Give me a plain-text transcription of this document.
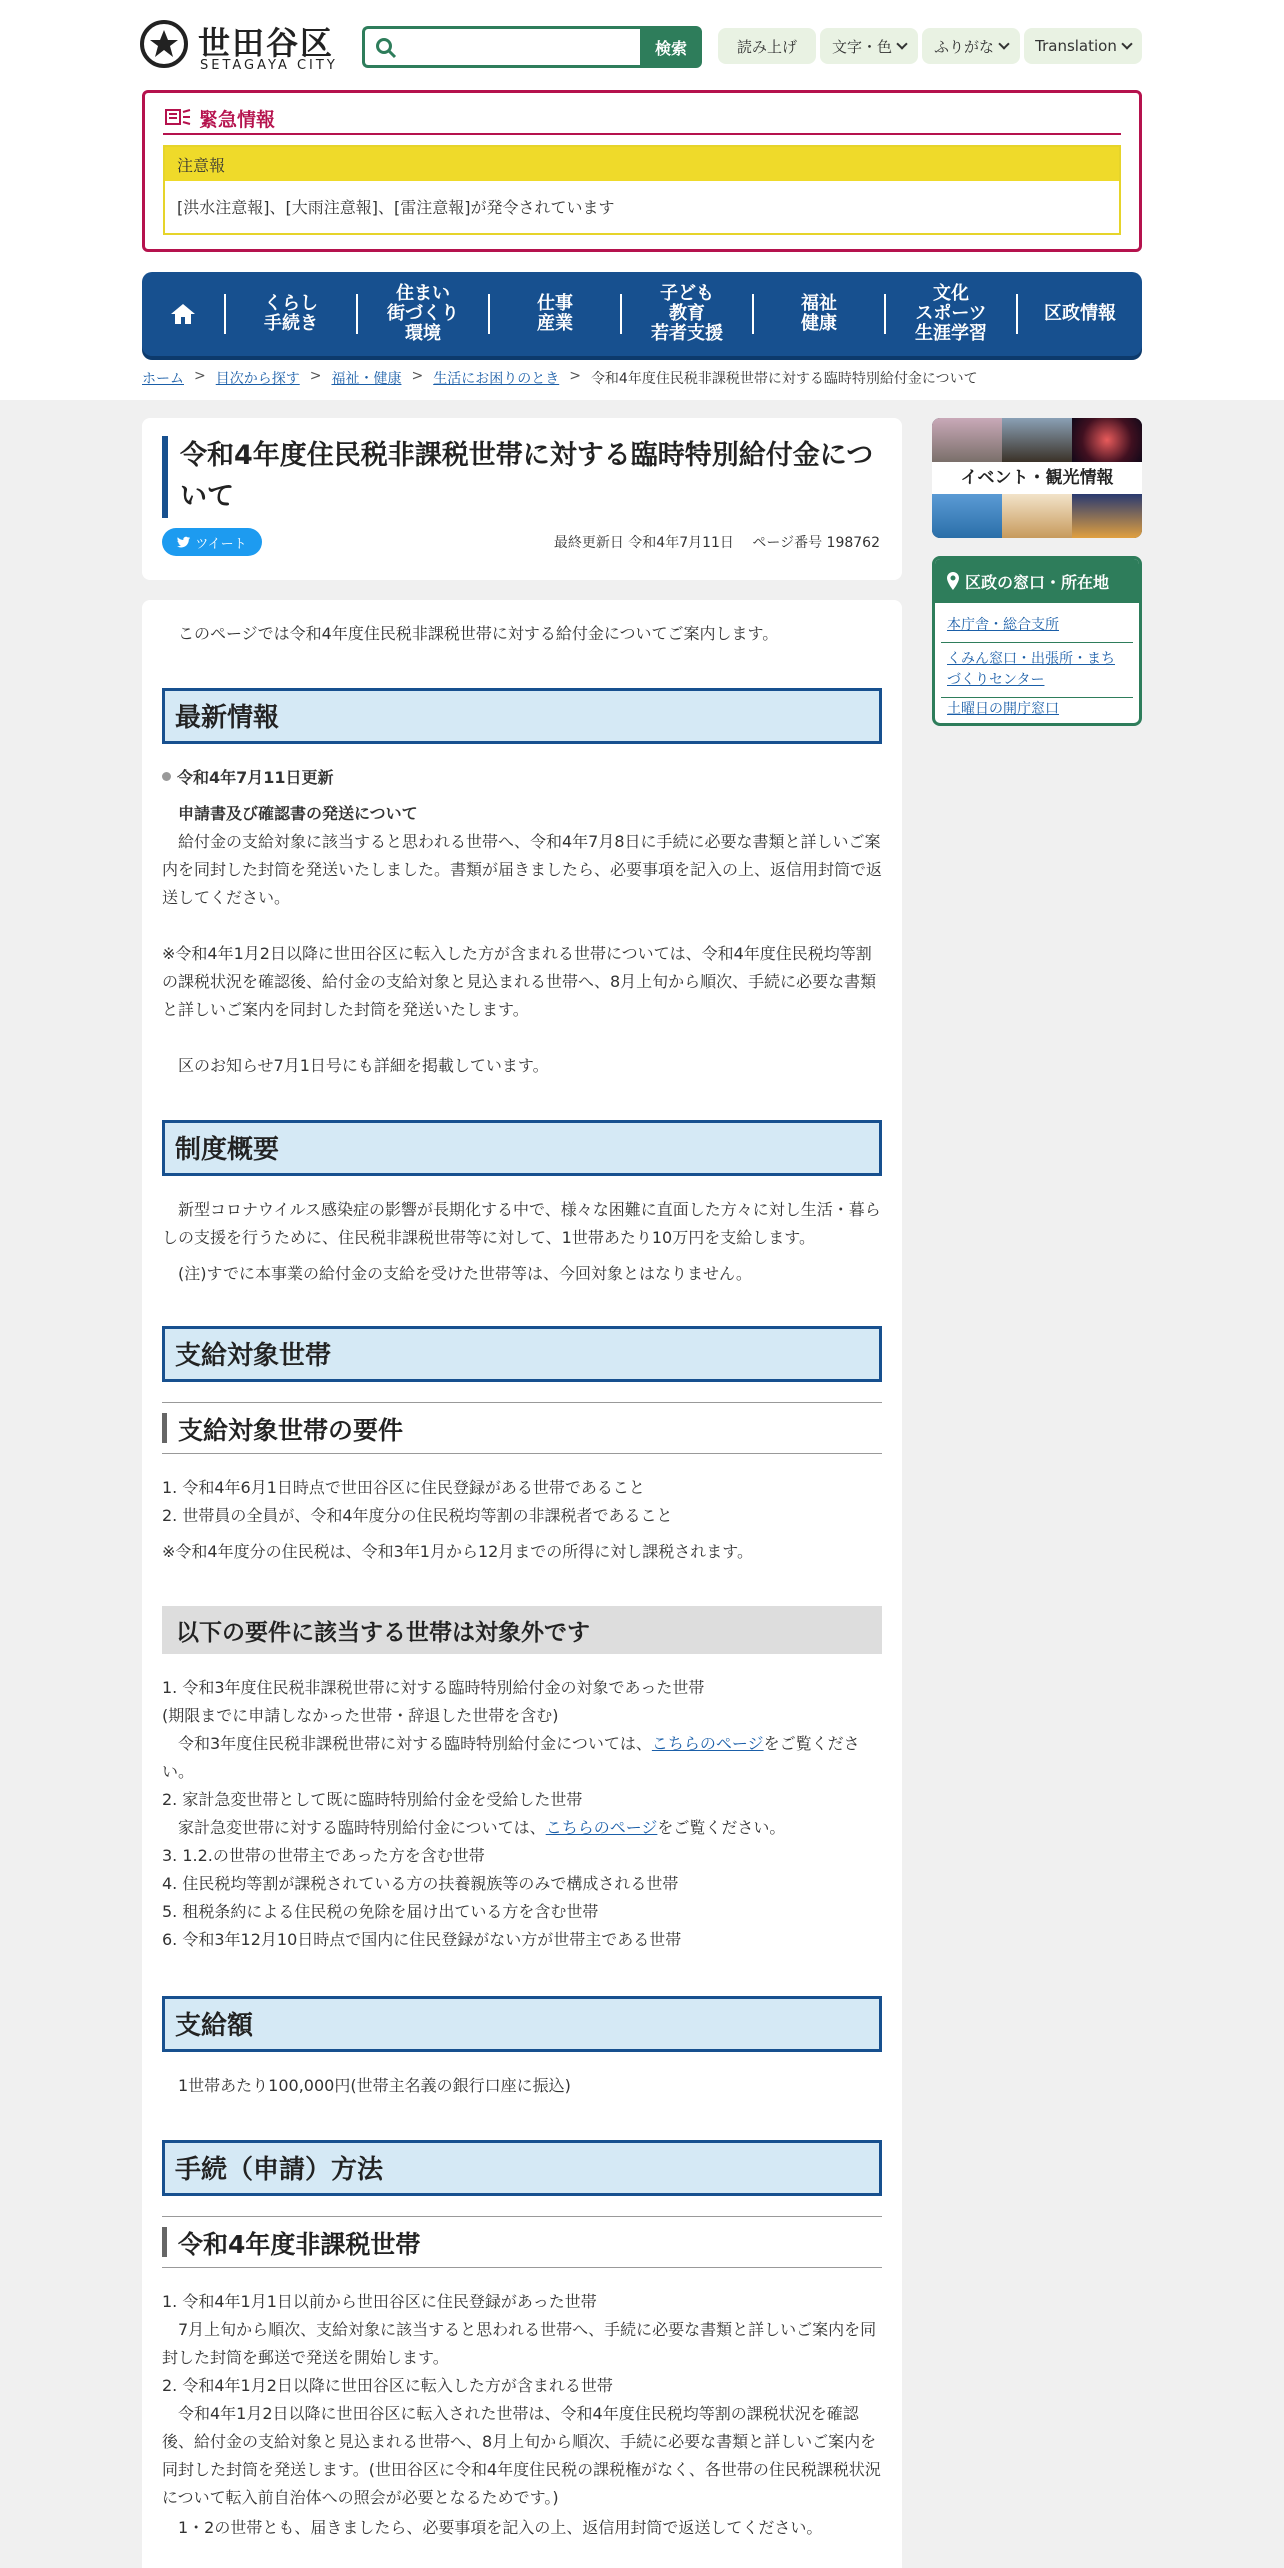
世田谷区
SETAGAYA CITY
検索	読み上げ 文字・色	ふりがな	Translation
緊急情報
注意報
[洪水注意報]、[大雨注意報]、[雷注意報]が発令されています
くらし
手続き
住まい
街づくり
環境
仕事
産業
子ども
教育
若者支援
福祉
健康
文化
スポーツ
生涯学習
区政情報
ホーム > 目次から探す > 福祉・健康 > 生活にお困りのとき > 令和4年度住民税非課税世帯に対する臨時特別給付金について
令和4年度住民税非課税世帯に対する臨時特別給付金について
ツイート	最終更新日 令和4年7月11日　 ページ番号 198762

このページでは令和4年度住民税非課税世帯に対する給付金についてご案内します。

最新情報
令和4年7月11日更新
申請書及び確認書の発送について

給付金の支給対象に該当すると思われる世帯へ、令和4年7月8日に手続に必要な書類と詳しいご案内を同封した封筒を発送いたしました。書類が届きましたら、必要事項を記入の上、返信用封筒で返送してください。

※令和4年1月2日以降に世田谷区に転入した方が含まれる世帯については、令和4年度住民税均等割の課税状況を確認後、給付金の支給対象と見込まれる世帯へ、8月上旬から順次、手続に必要な書類と詳しいご案内を同封した封筒を発送いたします。

区のお知らせ7月1日号にも詳細を掲載しています。

制度概要

新型コロナウイルス感染症の影響が長期化する中で、様々な困難に直面した方々に対し生活・暮らしの支援を行うために、住民税非課税世帯等に対して、1世帯あたり10万円を支給します。

(注)すでに本事業の給付金の支給を受けた世帯等は、今回対象とはなりません。

支給対象世帯
支給対象世帯の要件
1. 令和4年6月1日時点で世田谷区に住民登録がある世帯であること
2. 世帯員の全員が、令和4年度分の住民税均等割の非課税者であること
※令和4年度分の住民税は、令和3年1月から12月までの所得に対し課税されます。
以下の要件に該当する世帯は対象外です
1. 令和3年度住民税非課税世帯に対する臨時特別給付金の対象であった世帯
(期限までに申請しなかった世帯・辞退した世帯を含む)

令和3年度住民税非課税世帯に対する臨時特別給付金については、こちらのページをご覧ください。

2. 家計急変世帯として既に臨時特別給付金を受給した世帯

家計急変世帯に対する臨時特別給付金については、こちらのページをご覧ください。

3. 1.2.の世帯の世帯主であった方を含む世帯
4. 住民税均等割が課税されている方の扶養親族等のみで構成される世帯
5. 租税条約による住民税の免除を届け出ている方を含む世帯
6. 令和3年12月10日時点で国内に住民登録がない方が世帯主である世帯
支給額

1世帯あたり100,000円(世帯主名義の銀行口座に振込)

手続（申請）方法
令和4年度非課税世帯
1. 令和4年1月1日以前から世田谷区に住民登録があった世帯

7月上旬から順次、支給対象に該当すると思われる世帯へ、手続に必要な書類と詳しいご案内を同封した封筒を郵送で発送を開始します。

2. 令和4年1月2日以降に世田谷区に転入した方が含まれる世帯

令和4年1月2日以降に世田谷区に転入された世帯は、令和4年度住民税均等割の課税状況を確認後、給付金の支給対象と見込まれる世帯へ、8月上旬から順次、手続に必要な書類と詳しいご案内を同封した封筒を発送します。(世田谷区に令和4年度住民税の課税権がなく、各世帯の住民税課税状況について転入前自治体への照会が必要となるためです。)

1・2の世帯とも、届きましたら、必要事項を記入の上、返信用封筒で返送してください。

イベント・観光情報
区政の窓口・所在地
本庁舎・総合支所
くみん窓口・出張所・まちづくりセンター
土曜日の開庁窓口
